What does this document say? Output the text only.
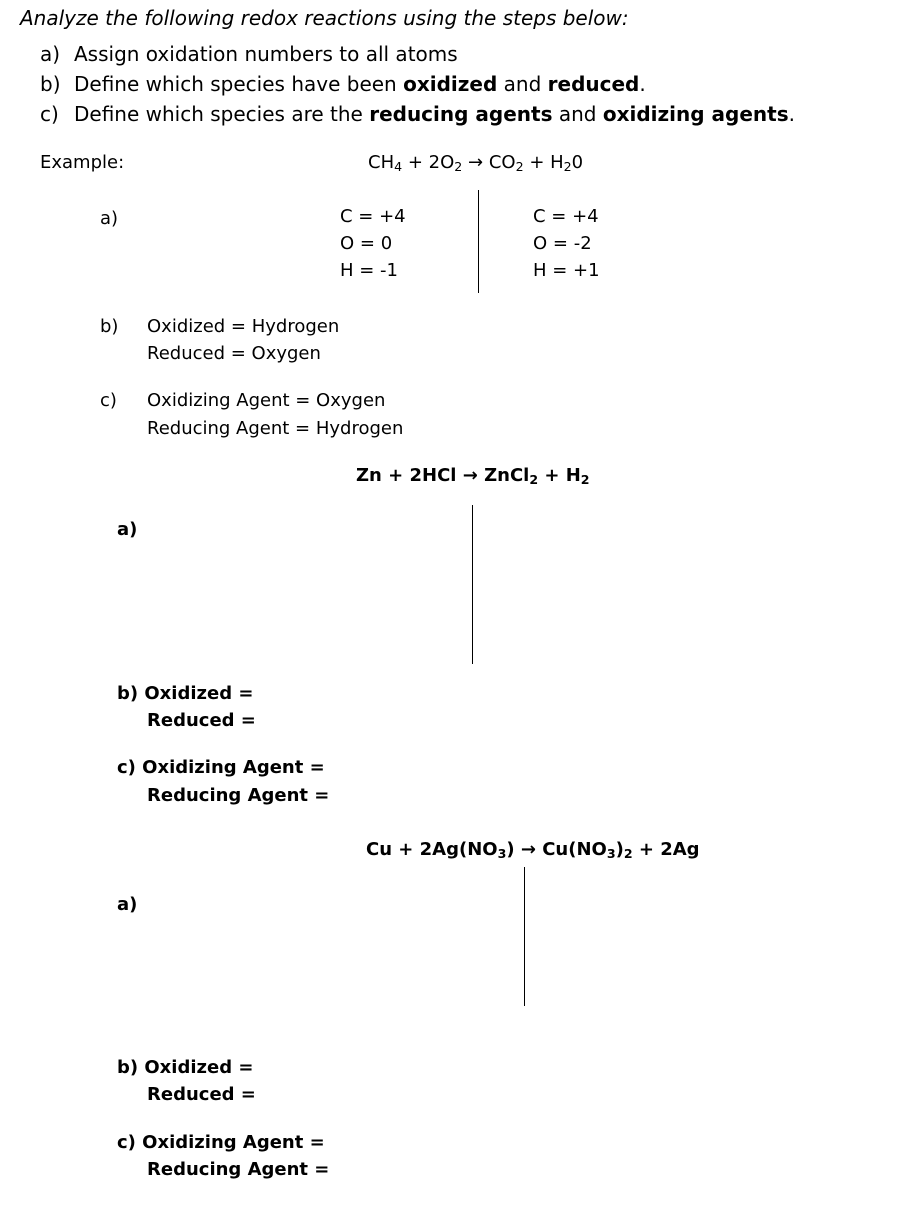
Analyze the following redox reactions using the steps below:
a) Assign oxidation numbers to all atoms
b) Define which species have been oxidized and reduced.
c) Define which species are the reducing agents and oxidizing agents.
Example:	$CH_4 + 2O_2 \to CO_2 + H_20$
a)	C = +4
O = 0
H = -1
C = +4
O = -2
H = +1
b) Oxidized = Hydrogen
Reduced = Oxygen
c) Oxidizing Agent = Oxygen
Reducing Agent = Hydrogen
Zn + 2HCl → ZnCl$_2$ + $H_2$
a)
b) Oxidized =
Reduced =
c) Oxidizing Agent =
Reducing Agent =
$Cu + 2Ag(NO_3) \to Cu(NO_3)_2 + 2Ag$
a)
b) Oxidized =
Reduced =
c) Oxidizing Agent =
Reducing Agent =
